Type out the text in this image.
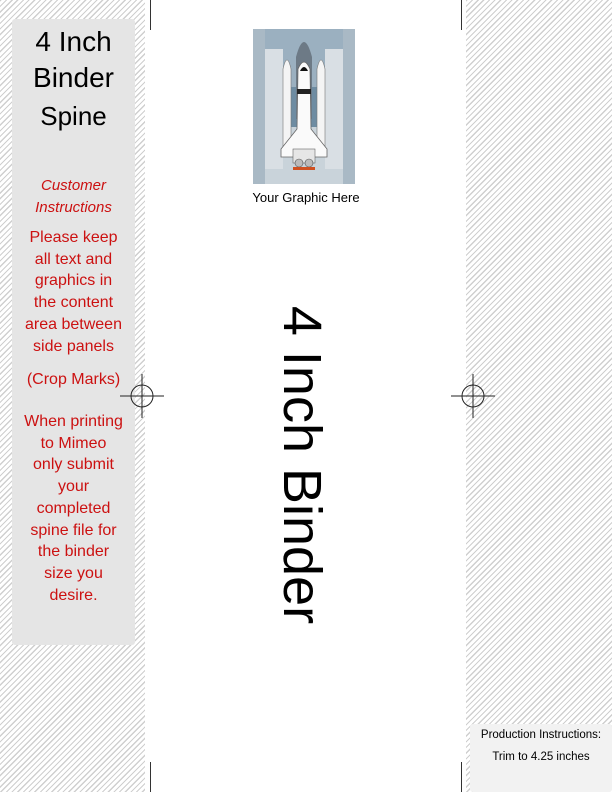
4 Inch
Binder
Spine
Customer
Instructions
Please keep
all text and
graphics in
the content
area between
side panels
(Crop Marks)
When printing
to Mimeo
only submit
your
completed
spine file for
the binder
size you
desire.
Your Graphic Here
4 Inch Binder
Production Instructions:
Trim to 4.25 inches
